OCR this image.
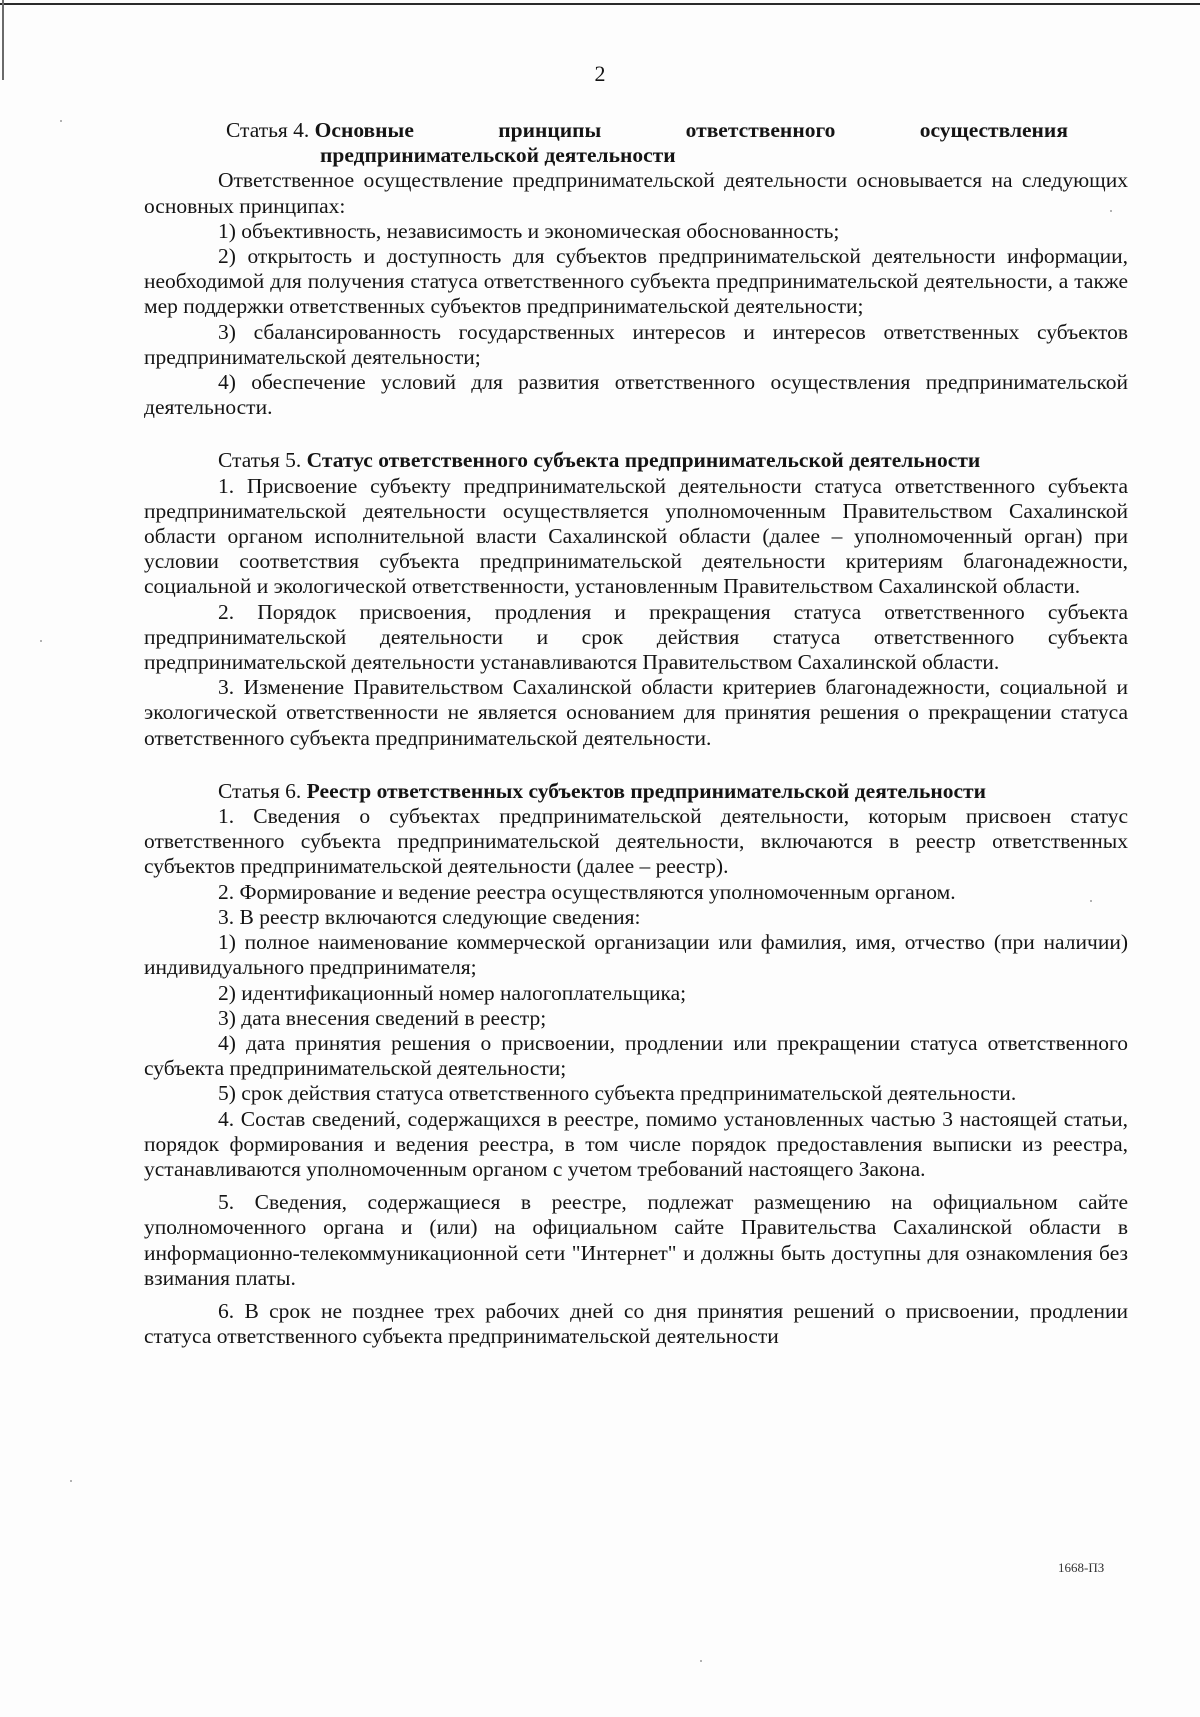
2
Статья 4. Основные	принципы	ответственного	осуществления
предпринимательской деятельности

Ответственное осуществление предпринимательской деятельности основывается на следующих основных принципах:

1) объективность, независимость и экономическая обоснованность;

2) открытость и доступность для субъектов предпринимательской деятельности информации, необходимой для получения статуса ответственного субъекта предпринимательской деятельности, а также мер поддержки ответственных субъектов предпринимательской деятельности;

3) сбалансированность государственных интересов и интересов ответственных субъектов предпринимательской деятельности;

4) обеспечение условий для развития ответственного осуществления предпринимательской деятельности.

Статья 5. Статус ответственного субъекта предпринимательской деятельности

1. Присвоение субъекту предпринимательской деятельности статуса ответственного субъекта предпринимательской деятельности осуществляется уполномоченным Правительством Сахалинской области органом исполнительной власти Сахалинской области (далее – уполномоченный орган) при условии соответствия субъекта предпринимательской деятельности критериям благонадежности, социальной и экологической ответственности, установленным Правительством Сахалинской области.

2. Порядок присвоения, продления и прекращения статуса ответственного субъекта предпринимательской деятельности и срок действия статуса ответственного субъекта предпринимательской деятельности устанавливаются Правительством Сахалинской области.

3. Изменение Правительством Сахалинской области критериев благонадежности, социальной и экологической ответственности не является основанием для принятия решения о прекращении статуса ответственного субъекта предпринимательской деятельности.

Статья 6. Реестр ответственных субъектов предпринимательской деятельности

1. Сведения о субъектах предпринимательской деятельности, которым присвоен статус ответственного субъекта предпринимательской деятельности, включаются в реестр ответственных субъектов предпринимательской деятельности (далее – реестр).

2. Формирование и ведение реестра осуществляются уполномоченным органом.

3. В реестр включаются следующие сведения:

1) полное наименование коммерческой организации или фамилия, имя, отчество (при наличии) индивидуального предпринимателя;

2) идентификационный номер налогоплательщика;

3) дата внесения сведений в реестр;

4) дата принятия решения о присвоении, продлении или прекращении статуса ответственного субъекта предпринимательской деятельности;

5) срок действия статуса ответственного субъекта предпринимательской деятельности.

4. Состав сведений, содержащихся в реестре, помимо установленных частью 3 настоящей статьи, порядок формирования и ведения реестра, в том числе порядок предоставления выписки из реестра, устанавливаются уполномоченным органом с учетом требований настоящего Закона.

5. Сведения, содержащиеся в реестре, подлежат размещению на официальном сайте уполномоченного органа и (или) на официальном сайте Правительства Сахалинской области в информационно-телекоммуникационной сети "Интернет" и должны быть доступны для ознакомления без взимания платы.

6. В срок не позднее трех рабочих дней со дня принятия решений о присвоении, продлении статуса ответственного субъекта предпринимательской деятельности

1668-ПЗ
